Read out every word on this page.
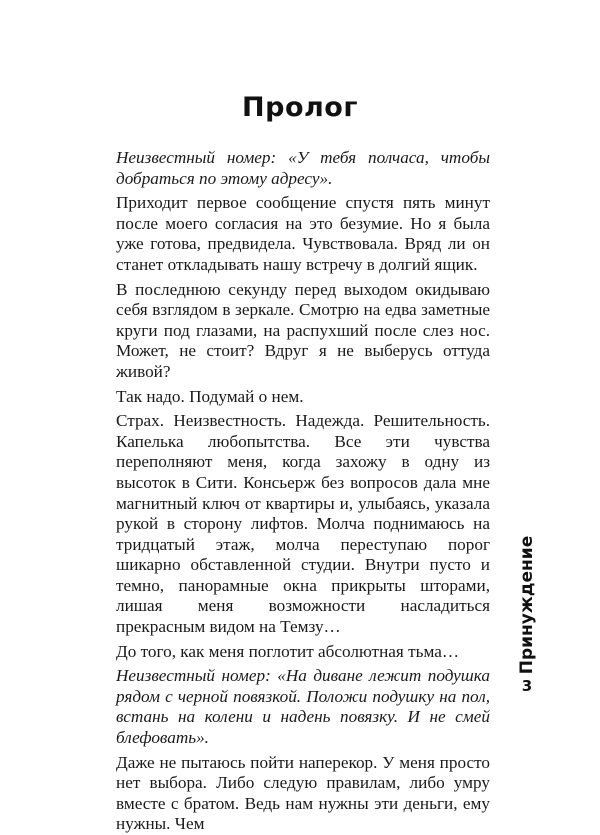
Пролог

Неизвестный номер: «У тебя полчаса, чтобы добраться по этому адресу».

Приходит первое сообщение спустя пять минут после моего согласия на это безумие. Но я была уже готова, предвидела. Чувствовала. Вряд ли он станет откладывать нашу встречу в долгий ящик.

В последнюю секунду перед выходом окидываю себя взглядом в зеркале. Смотрю на едва заметные круги под глазами, на распухший после слез нос. Может, не стоит? Вдруг я не выберусь оттуда живой?

Так надо. Подумай о нем.

Страх. Неизвестность. Надежда. Решительность. Капелька любопытства. Все эти чувства переполняют меня, когда захожу в одну из высоток в Сити. Консьерж без вопросов дала мне магнитный ключ от квартиры и, улыбаясь, указала рукой в сторону лифтов. Молча поднимаюсь на тридцатый этаж, молча переступаю порог шикарно обставленной студии. Внутри пусто и темно, панорамные окна прикрыты шторами, лишая меня возможности насладиться прекрасным видом на Темзу…

До того, как меня поглотит абсолютная тьма…

Неизвестный номер: «На диване лежит подушка рядом с черной повязкой. Положи подушку на пол, встань на колени и надень повязку. И не смей блефовать».

Даже не пытаюсь пойти наперекор. У меня просто нет выбора. Либо следую правилам, либо умру вместе с братом. Ведь нам нужны эти деньги, ему нужны. Чем

Принуждение
3
